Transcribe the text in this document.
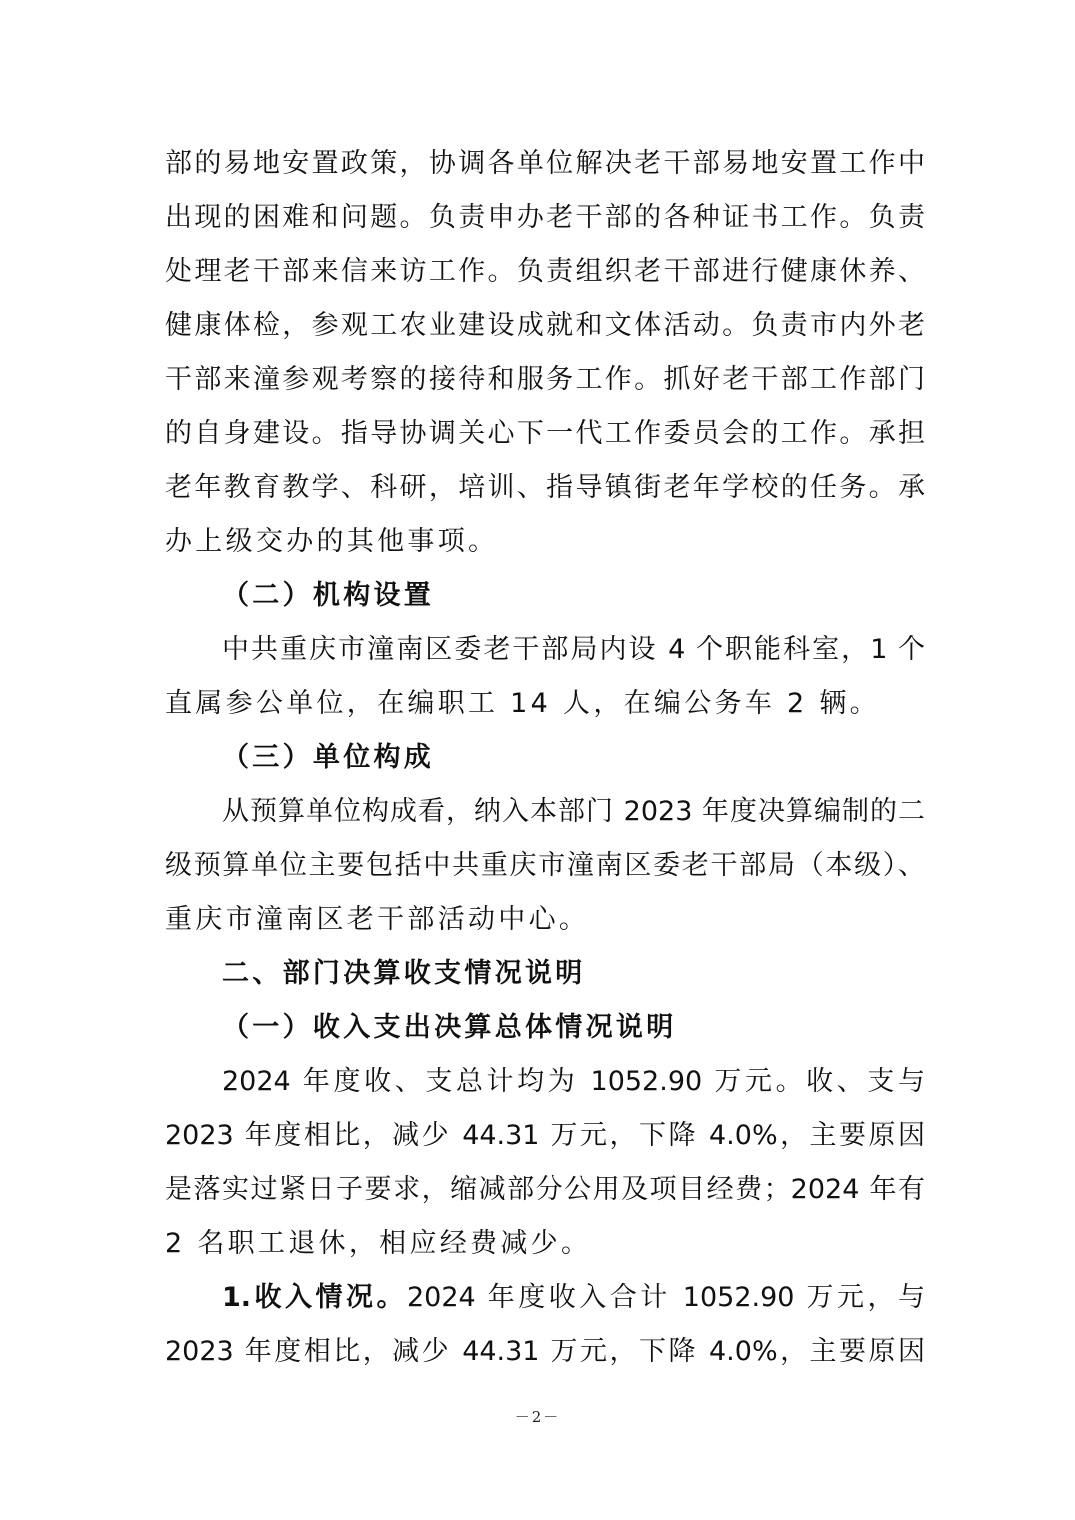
部的易地安置政策，协调各单位解决老干部易地安置工作中
出现的困难和问题。负责申办老干部的各种证书工作。负责
处理老干部来信来访工作。负责组织老干部进行健康休养、
健康体检，参观工农业建设成就和文体活动。负责市内外老
干部来潼参观考察的接待和服务工作。抓好老干部工作部门
的自身建设。指导协调关心下一代工作委员会的工作。承担
老年教育教学、科研，培训、指导镇街老年学校的任务。承
办上级交办的其他事项。
（二）机构设置
中共重庆市潼南区委老干部局内设 4 个职能科室，1 个
直属参公单位，在编职工 14 人，在编公务车 2 辆。
（三）单位构成
从预算单位构成看，纳入本部门 2023 年度决算编制的二
级预算单位主要包括中共重庆市潼南区委老干部局（本级）、
重庆市潼南区老干部活动中心。
二、部门决算收支情况说明
（一）收入支出决算总体情况说明
2024 年度收、支总计均为 1052.90 万元。收、支与
2023 年度相比，减少 44.31 万元，下降 4.0%，主要原因
是落实过紧日子要求，缩减部分公用及项目经费；2024 年有
2 名职工退休，相应经费减少。
1.收入情况。2024 年度收入合计 1052.90 万元，与
2023 年度相比，减少 44.31 万元，下降 4.0%，主要原因
－2－
